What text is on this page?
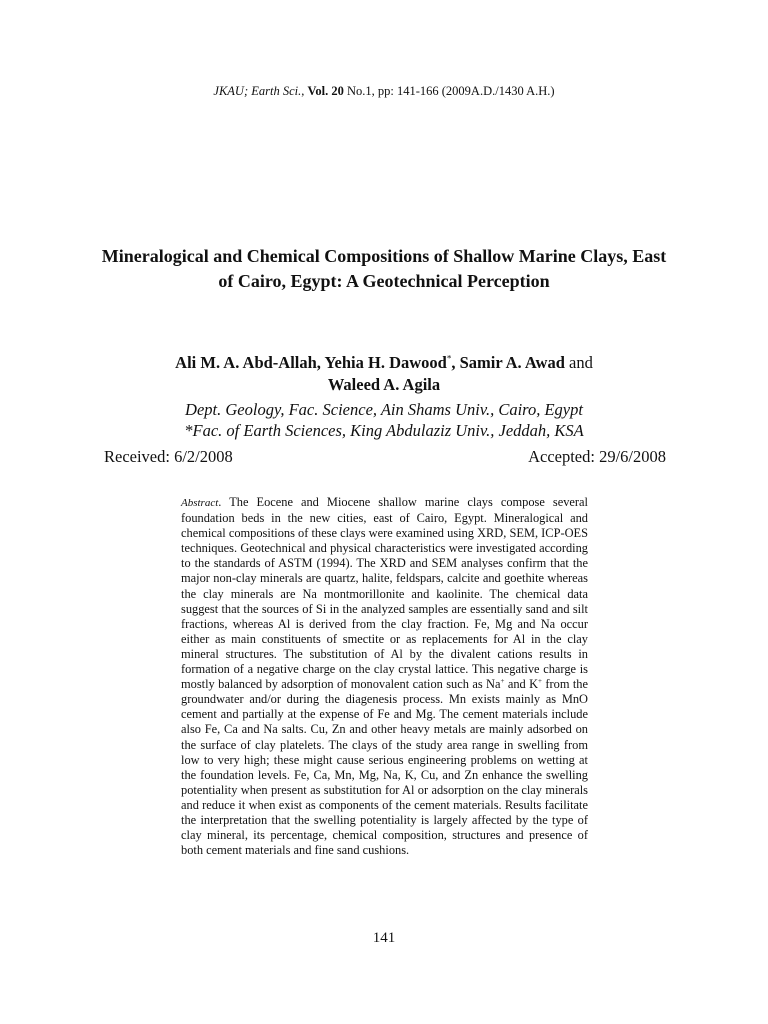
JKAU; Earth Sci., Vol. 20 No.1, pp: 141-166 (2009A.D./1430 A.H.)
Mineralogical and Chemical Compositions of Shallow Marine Clays, East of Cairo, Egypt: A Geotechnical Perception
Ali M. A. Abd-Allah, Yehia H. Dawood*, Samir A. Awad and
Waleed A. Agila
Dept. Geology, Fac. Science, Ain Shams Univ., Cairo, Egypt
*Fac. of Earth Sciences, King Abdulaziz Univ., Jeddah, KSA
Received: 6/2/2008	Accepted: 29/6/2008
Abstract. The Eocene and Miocene shallow marine clays compose several foundation beds in the new cities, east of Cairo, Egypt. Mineralogical and chemical compositions of these clays were examined using XRD, SEM, ICP-OES techniques. Geotechnical and physical characteristics were investigated according to the standards of ASTM (1994). The XRD and SEM analyses confirm that the major non-clay minerals are quartz, halite, feldspars, calcite and goethite whereas the clay minerals are Na montmorillonite and kaolinite. The chemical data suggest that the sources of Si in the analyzed samples are essentially sand and silt fractions, whereas Al is derived from the clay fraction. Fe, Mg and Na occur either as main constituents of smectite or as replacements for Al in the clay mineral structures. The substitution of Al by the divalent cations results in formation of a negative charge on the clay crystal lattice. This negative charge is mostly balanced by adsorption of monovalent cation such as Na+ and K+ from the groundwater and/or during the diagenesis process. Mn exists mainly as MnO cement and partially at the expense of Fe and Mg. The cement materials include also Fe, Ca and Na salts. Cu, Zn and other heavy metals are mainly adsorbed on the surface of clay platelets. The clays of the study area range in swelling from low to very high; these might cause serious engineering problems on wetting at the foundation levels. Fe, Ca, Mn, Mg, Na, K, Cu, and Zn enhance the swelling potentiality when present as substitution for Al or adsorption on the clay minerals and reduce it when exist as components of the cement materials. Results facilitate the interpretation that the swelling potentiality is largely affected by the type of clay mineral, its percentage, chemical composition, structures and presence of both cement materials and fine sand cushions.
141
